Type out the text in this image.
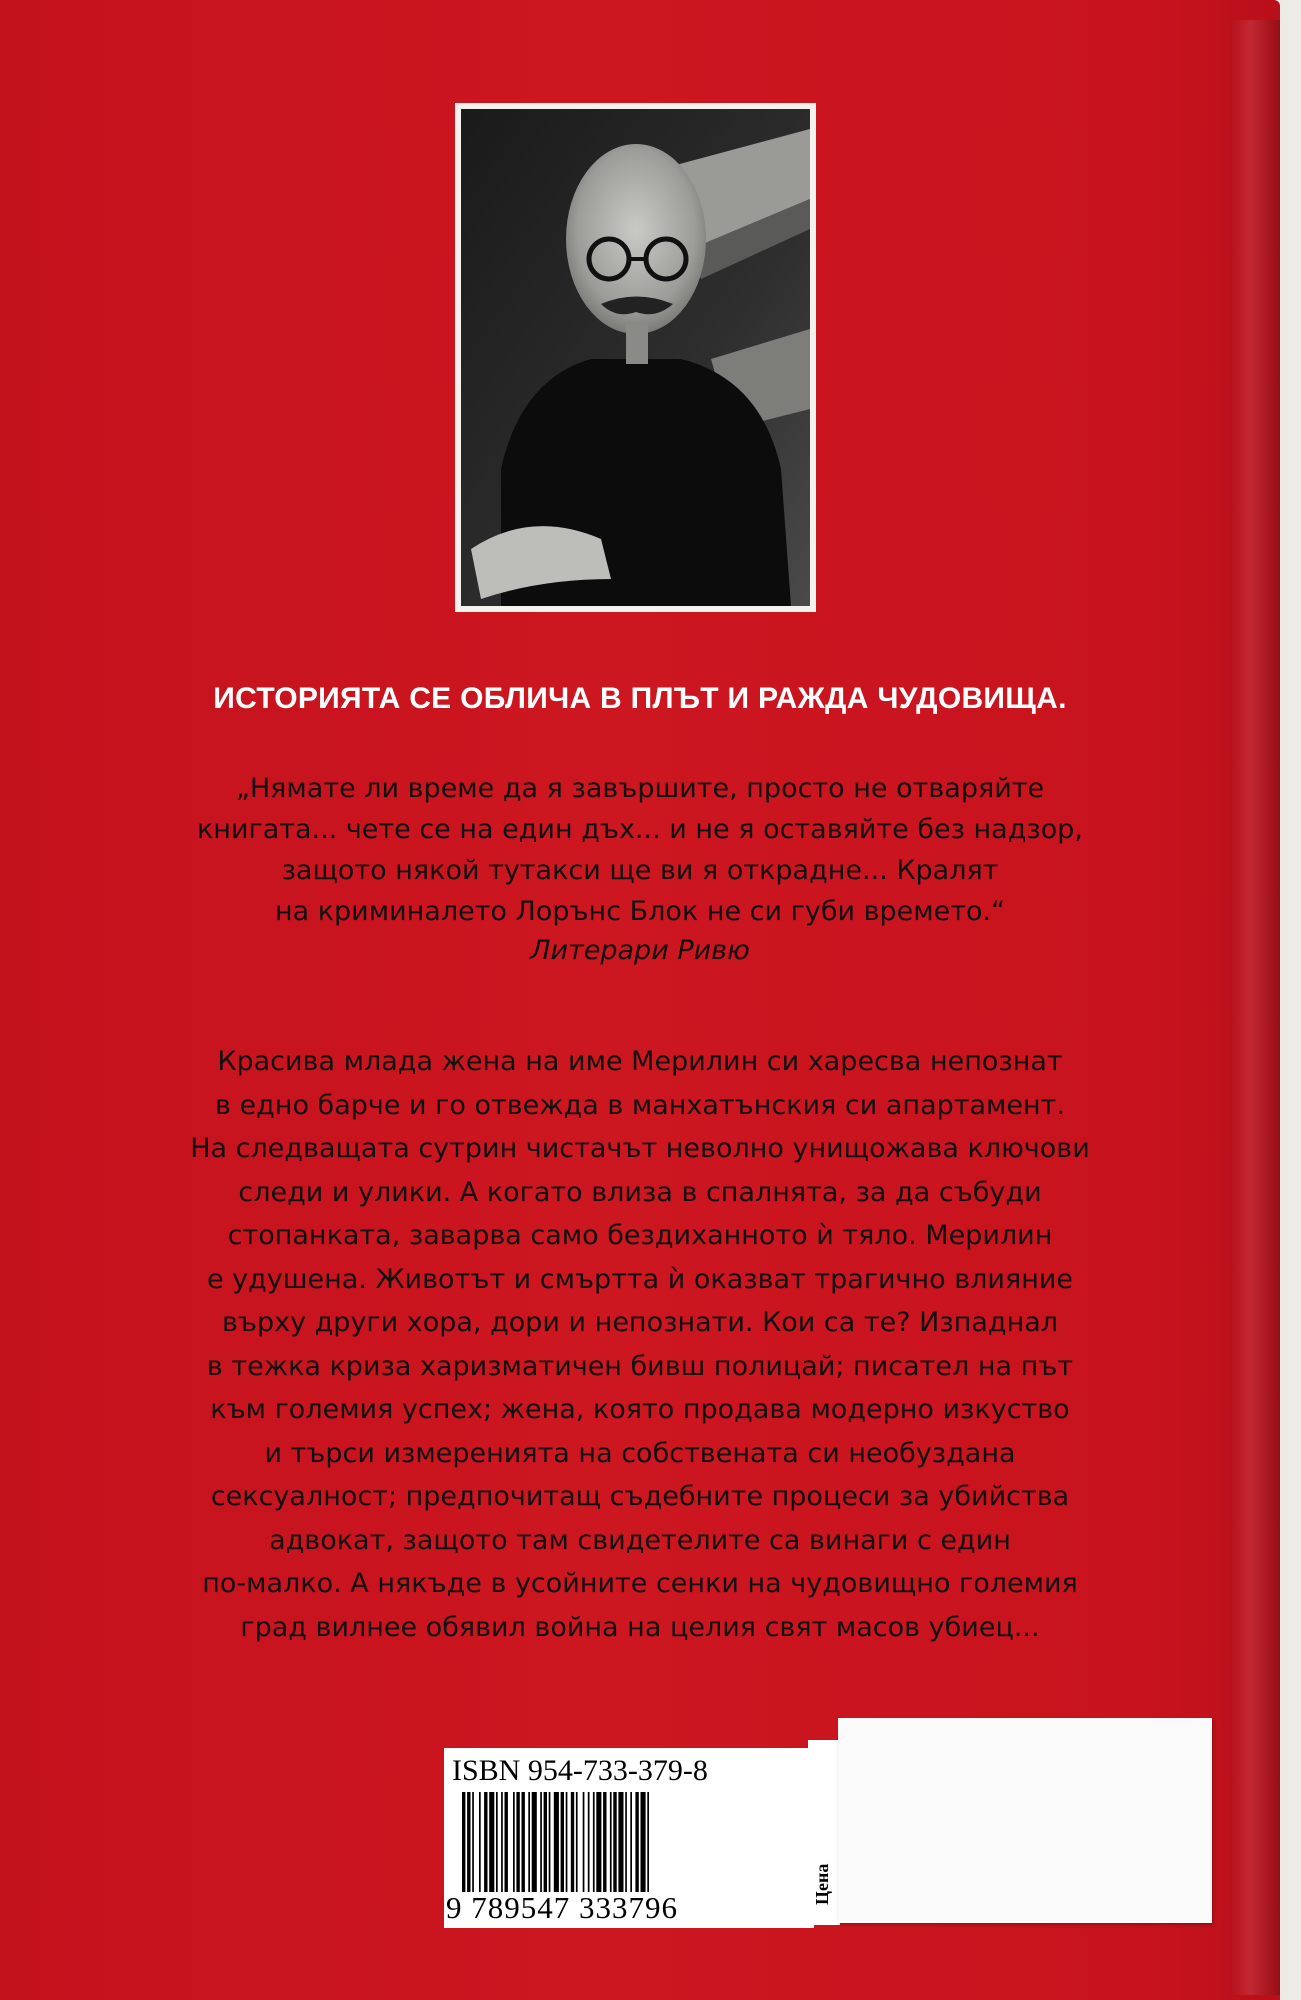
ИСТОРИЯТА СЕ ОБЛИЧА В ПЛЪТ И РАЖДА ЧУДОВИЩА.
„Нямате ли време да я завършите, просто не отваряйте
книгата... чете се на един дъх... и не я оставяйте без надзор,
защото някой тутакси ще ви я открадне... Кралят
на криминалето Лорънс Блок не си губи времето.“
Литерари Ривю
Красива млада жена на име Мерилин си харесва непознат
в едно барче и го отвежда в манхатънския си апартамент.
На следващата сутрин чистачът неволно унищожава ключови
следи и улики. А когато влиза в спалнята, за да събуди
стопанката, заварва само бездиханното ѝ тяло. Мерилин
е удушена. Животът и смъртта ѝ оказват трагично влияние
върху други хора, дори и непознати. Кои са те? Изпаднал
в тежка криза харизматичен бивш полицай; писател на път
към големия успех; жена, която продава модерно изкуство
и търси измеренията на собствената си необуздана
сексуалност; предпочитащ съдебните процеси за убийства
адвокат, защото там свидетелите са винаги с един
по-малко. А някъде в усойните сенки на чудовищно големия
град вилнее обявил война на целия свят масов убиец...
ISBN 954-733-379-8
9 789547 333796
Цена
